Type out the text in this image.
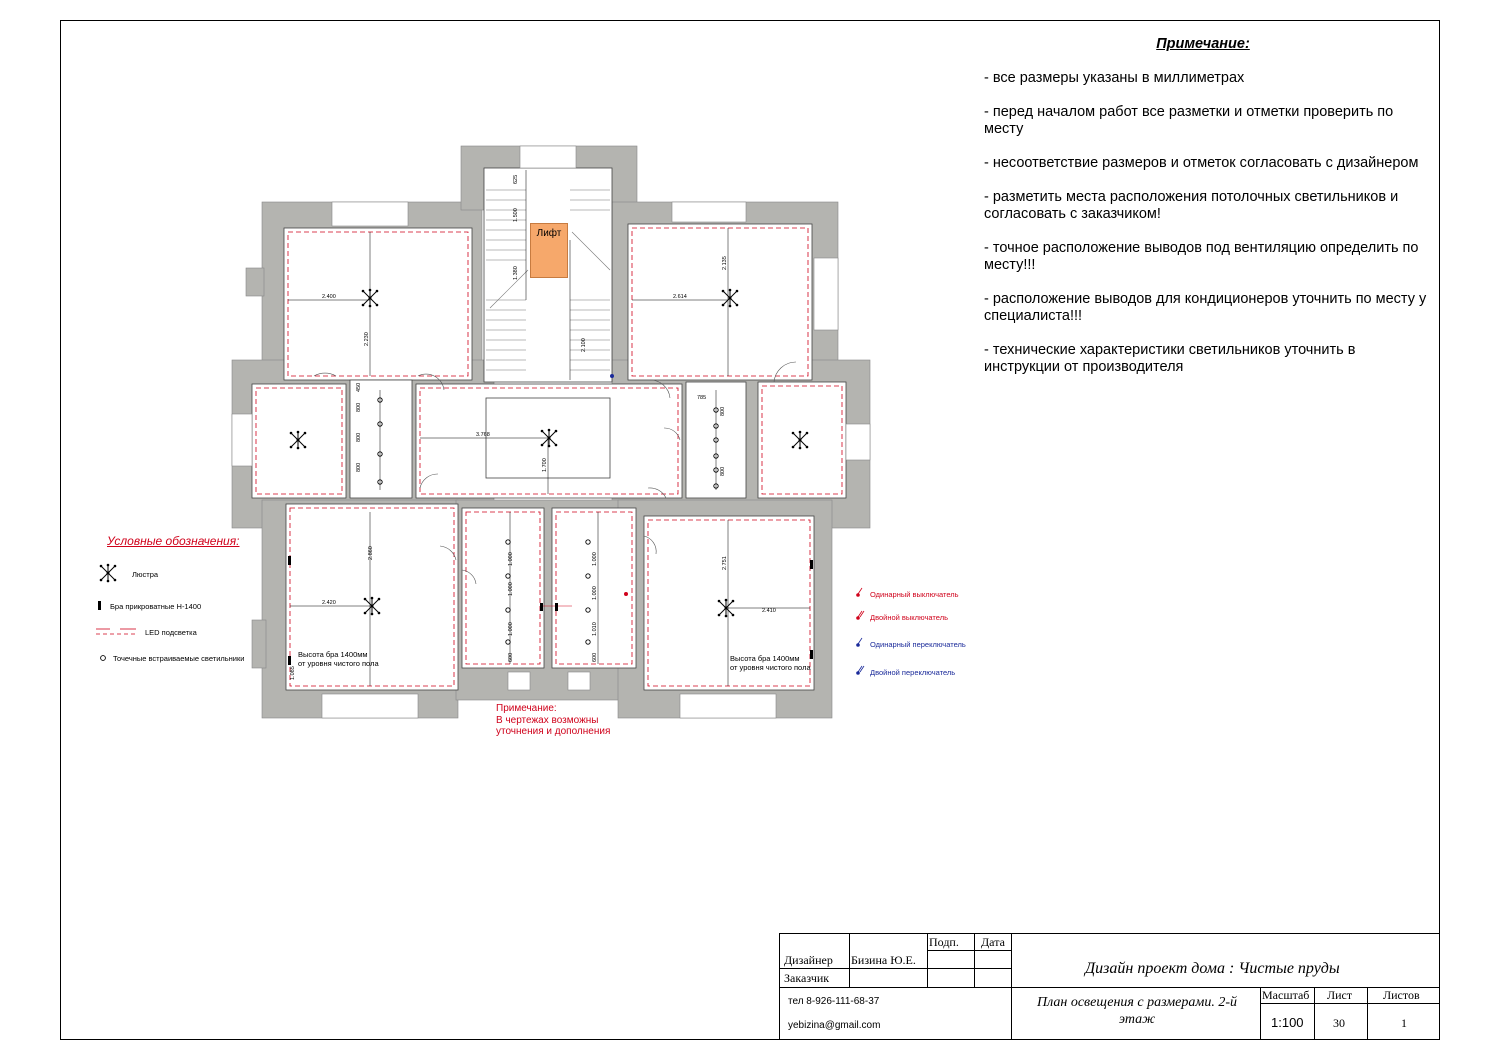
Примечание:
- все размеры указаны в миллиметрах
- перед началом работ все разметки и отметки проверить по месту
- несоответствие размеров и отметок согласовать с дизайнером
- разметить места расположения потолочных светильников и согласовать с заказчиком!
- точное расположение выводов под вентиляцию определить по месту!!!
- расположение выводов для кондиционеров уточнить по месту у специалиста!!!
- технические характеристики светильников уточнить в инструкции от производителя
2.400
2.230
625
1.500
1.380
2.100
2.135
2.614
3.768
1.700
450
800
800
800
785
800
800
2.860
2.420
1.000
1.000
1.000
1.000
1.000
1.010
600	600
2.751
2.410
1.085
Лифт
Высота бра 1400мм
от уровня чистого пола
Высота бра 1400мм
от уровня чистого пола
Примечание:
В чертежах возможны
уточнения и дополнения
Условные обозначения:
Люстра
Бра прикроватные Н-1400
LED подсветка
Точечные встраиваемые светильники
Одинарный выключатель
Двойной выключатель
Одинарный переключатель
Двойной переключатель
Подп. Дата
Дизайнер Бизина Ю.Е.
Заказчик
тел 8-926-111-68-37
yebizina@gmail.com
Дизайн проект дома : Чистые пруды
План освещения с размерами. 2-й этаж
Масштаб Лист	Листов
1:100 30	1
